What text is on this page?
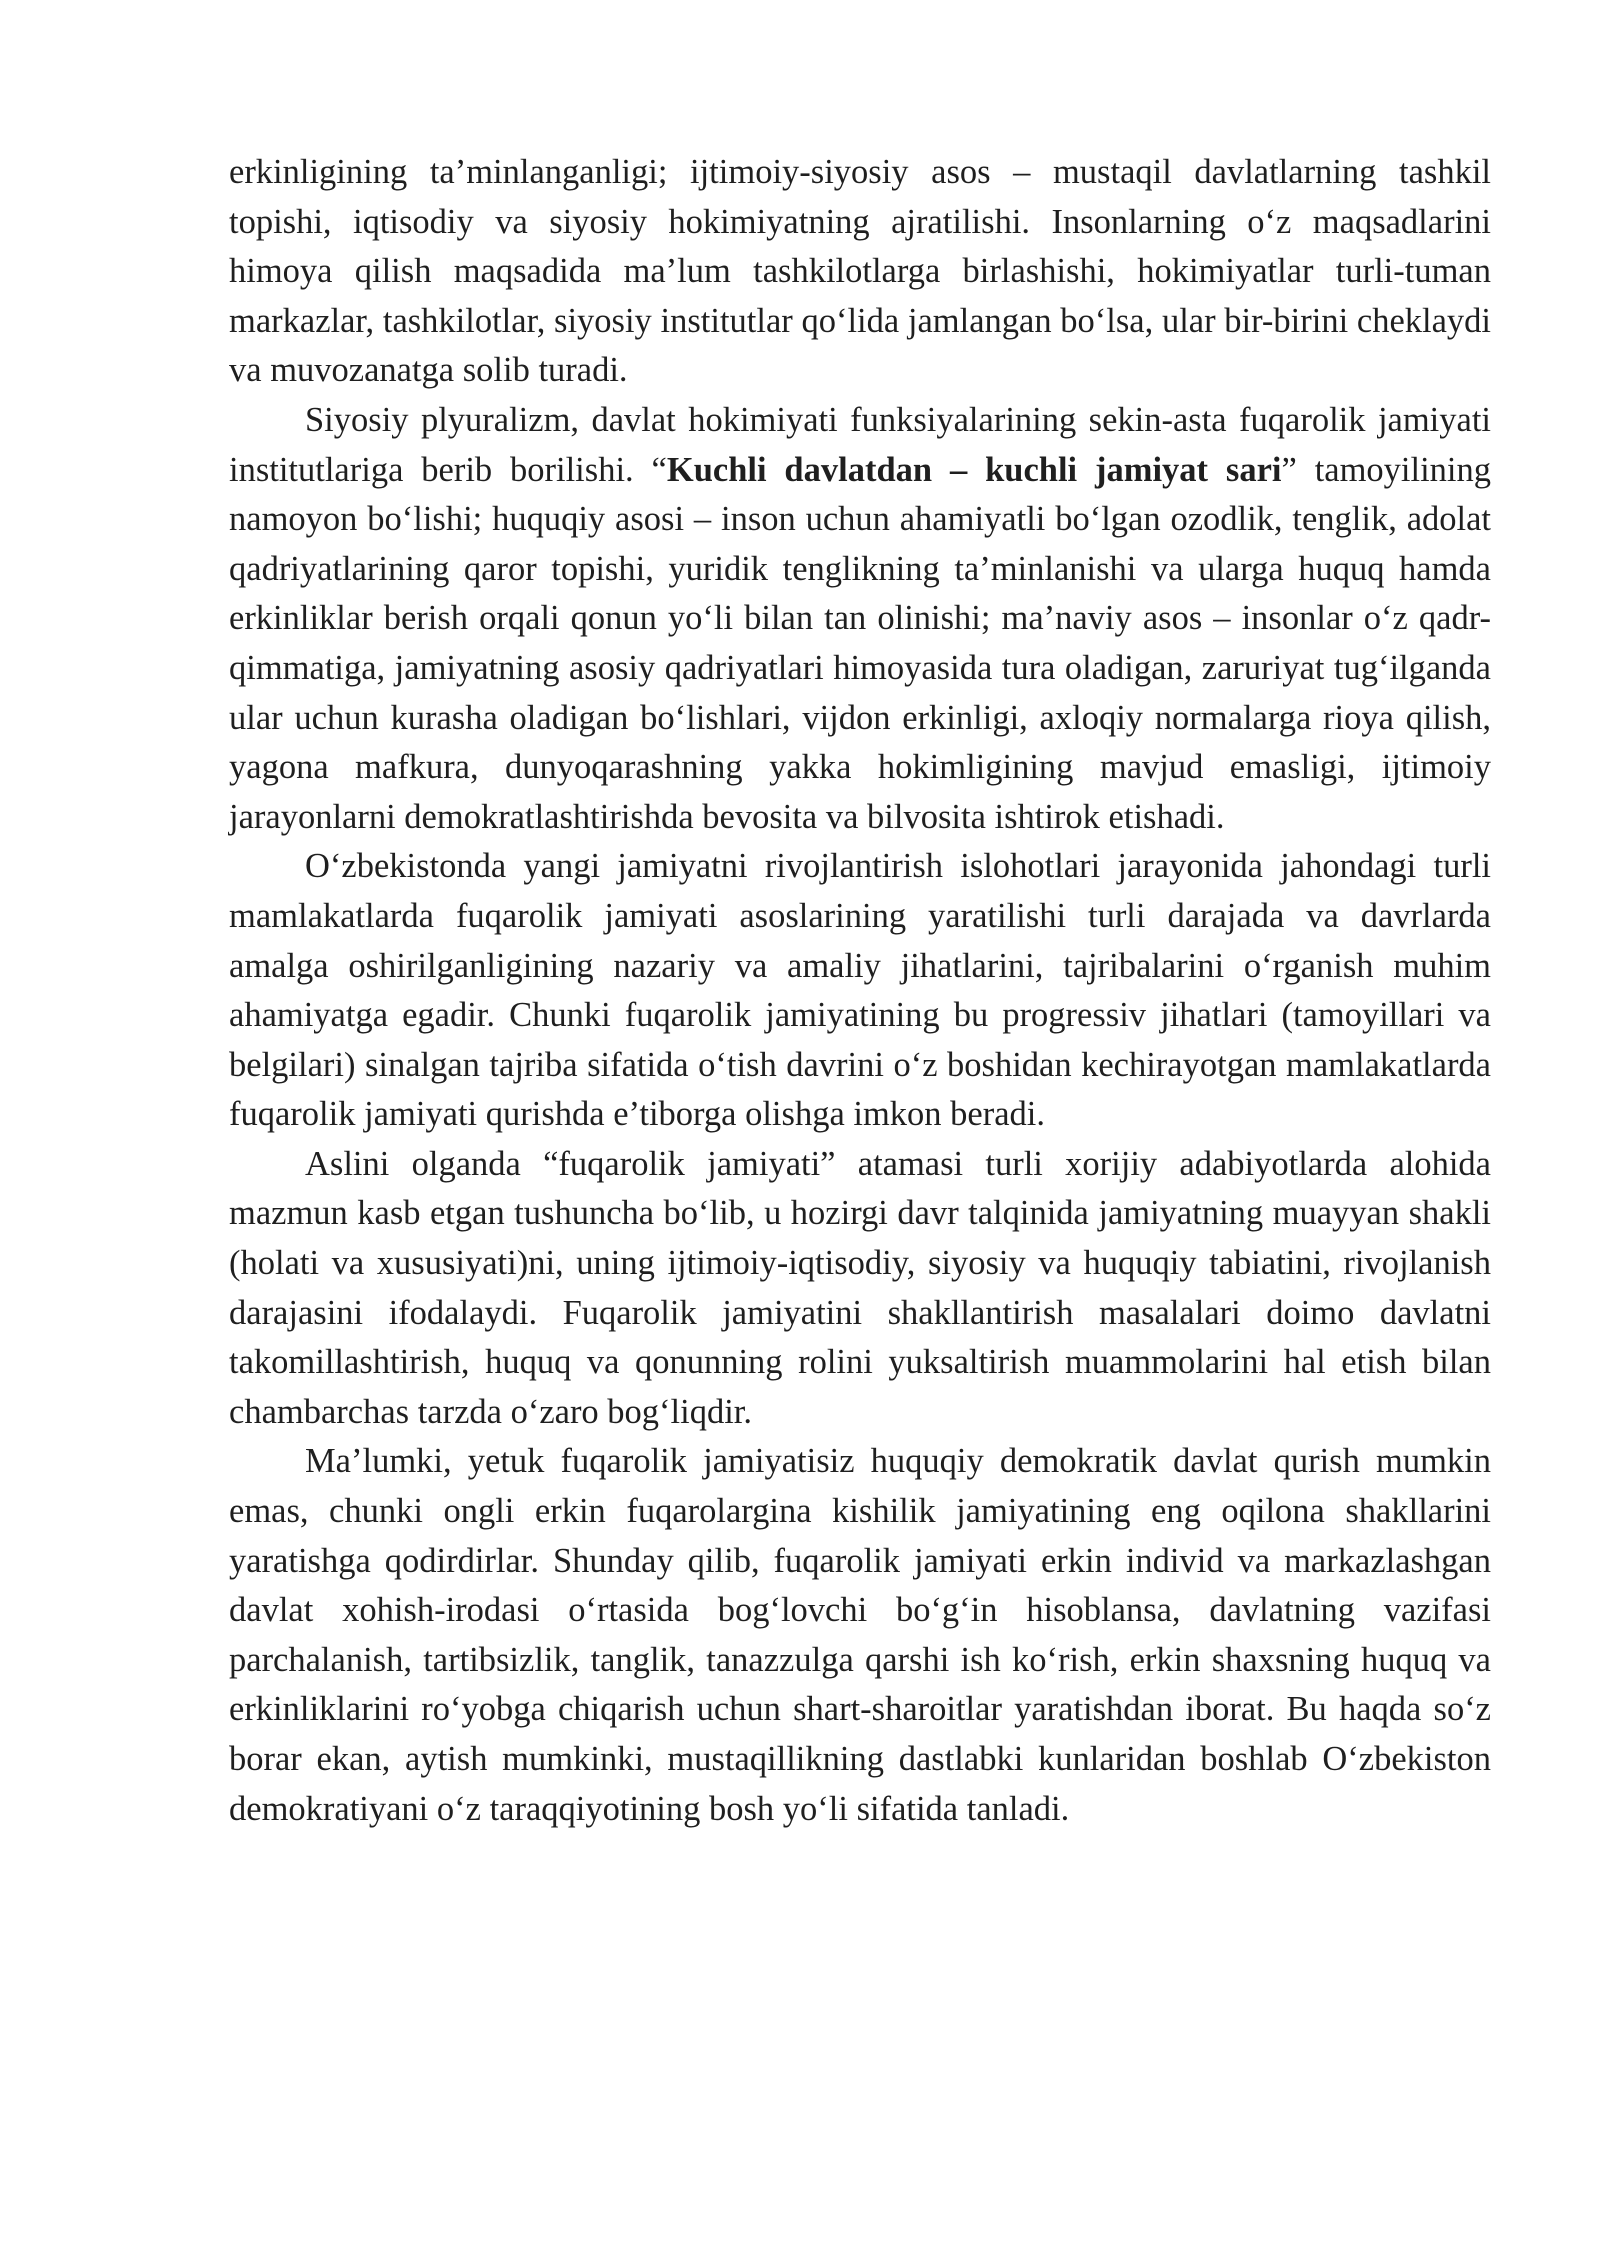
erkinligining ta’minlanganligi; ijtimoiy-siyosiy asos – mustaqil davlatlarning tashkil topishi, iqtisodiy va siyosiy hokimiyatning ajratilishi. Insonlarning o‘z maqsadlarini himoya qilish maqsadida ma’lum tashkilotlarga birlashishi, hokimiyatlar turli-tuman markazlar, tashkilotlar, siyosiy institutlar qo‘lida jamlangan bo‘lsa, ular bir-birini cheklaydi va muvozanatga solib turadi.

Siyosiy plyuralizm, davlat hokimiyati funksiyalarining sekin-asta fuqarolik jamiyati institutlariga berib borilishi. “Kuchli davlatdan – kuchli jamiyat sari” tamoyilining namoyon bo‘lishi; huquqiy asosi – inson uchun ahamiyatli bo‘lgan ozodlik, tenglik, adolat qadriyatlarining qaror topishi, yuridik tenglikning ta’minlanishi va ularga huquq hamda erkinliklar berish orqali qonun yo‘li bilan tan olinishi; ma’naviy asos – insonlar o‘z qadr-qimmatiga, jamiyatning asosiy qadriyatlari himoyasida tura oladigan, zaruriyat tug‘ilganda ular uchun kurasha oladigan bo‘lishlari, vijdon erkinligi, axloqiy normalarga rioya qilish, yagona mafkura, dunyoqarashning yakka hokimligining mavjud emasligi, ijtimoiy jarayonlarni demokratlashtirishda bevosita va bilvosita ishtirok etishadi.

O‘zbekistonda yangi jamiyatni rivojlantirish islohotlari jarayonida jahondagi turli mamlakatlarda fuqarolik jamiyati asoslarining yaratilishi turli darajada va davrlarda amalga oshirilganligining nazariy va amaliy jihatlarini, tajribalarini o‘rganish muhim ahamiyatga egadir. Chunki fuqarolik jamiyatining bu progressiv jihatlari (tamoyillari va belgilari) sinalgan tajriba sifatida o‘tish davrini o‘z boshidan kechirayotgan mamlakatlarda fuqarolik jamiyati qurishda e’tiborga olishga imkon beradi.

Aslini olganda “fuqarolik jamiyati” atamasi turli xorijiy adabiyotlarda alohida mazmun kasb etgan tushuncha bo‘lib, u hozirgi davr talqinida jamiyatning muayyan shakli (holati va xususiyati)ni, uning ijtimoiy-iqtisodiy, siyosiy va huquqiy tabiatini, rivojlanish darajasini ifodalaydi. Fuqarolik jamiyatini shakllantirish masalalari doimo davlatni takomillashtirish, huquq va qonunning rolini yuksaltirish muammolarini hal etish bilan chambarchas tarzda o‘zaro bog‘liqdir.

Ma’lumki, yetuk fuqarolik jamiyatisiz huquqiy demokratik davlat qurish mumkin emas, chunki ongli erkin fuqarolargina kishilik jamiyatining eng oqilona shakllarini yaratishga qodirdirlar. Shunday qilib, fuqarolik jamiyati erkin individ va markazlashgan davlat xohish-irodasi o‘rtasida bog‘lovchi bo‘g‘in hisoblansa, davlatning vazifasi parchalanish, tartibsizlik, tanglik, tanazzulga qarshi ish ko‘rish, erkin shaxsning huquq va erkinliklarini ro‘yobga chiqarish uchun shart-sharoitlar yaratishdan iborat. Bu haqda so‘z borar ekan, aytish mumkinki, mustaqillikning dastlabki kunlaridan boshlab O‘zbekiston demokratiyani o‘z taraqqiyotining bosh yo‘li sifatida tanladi.
